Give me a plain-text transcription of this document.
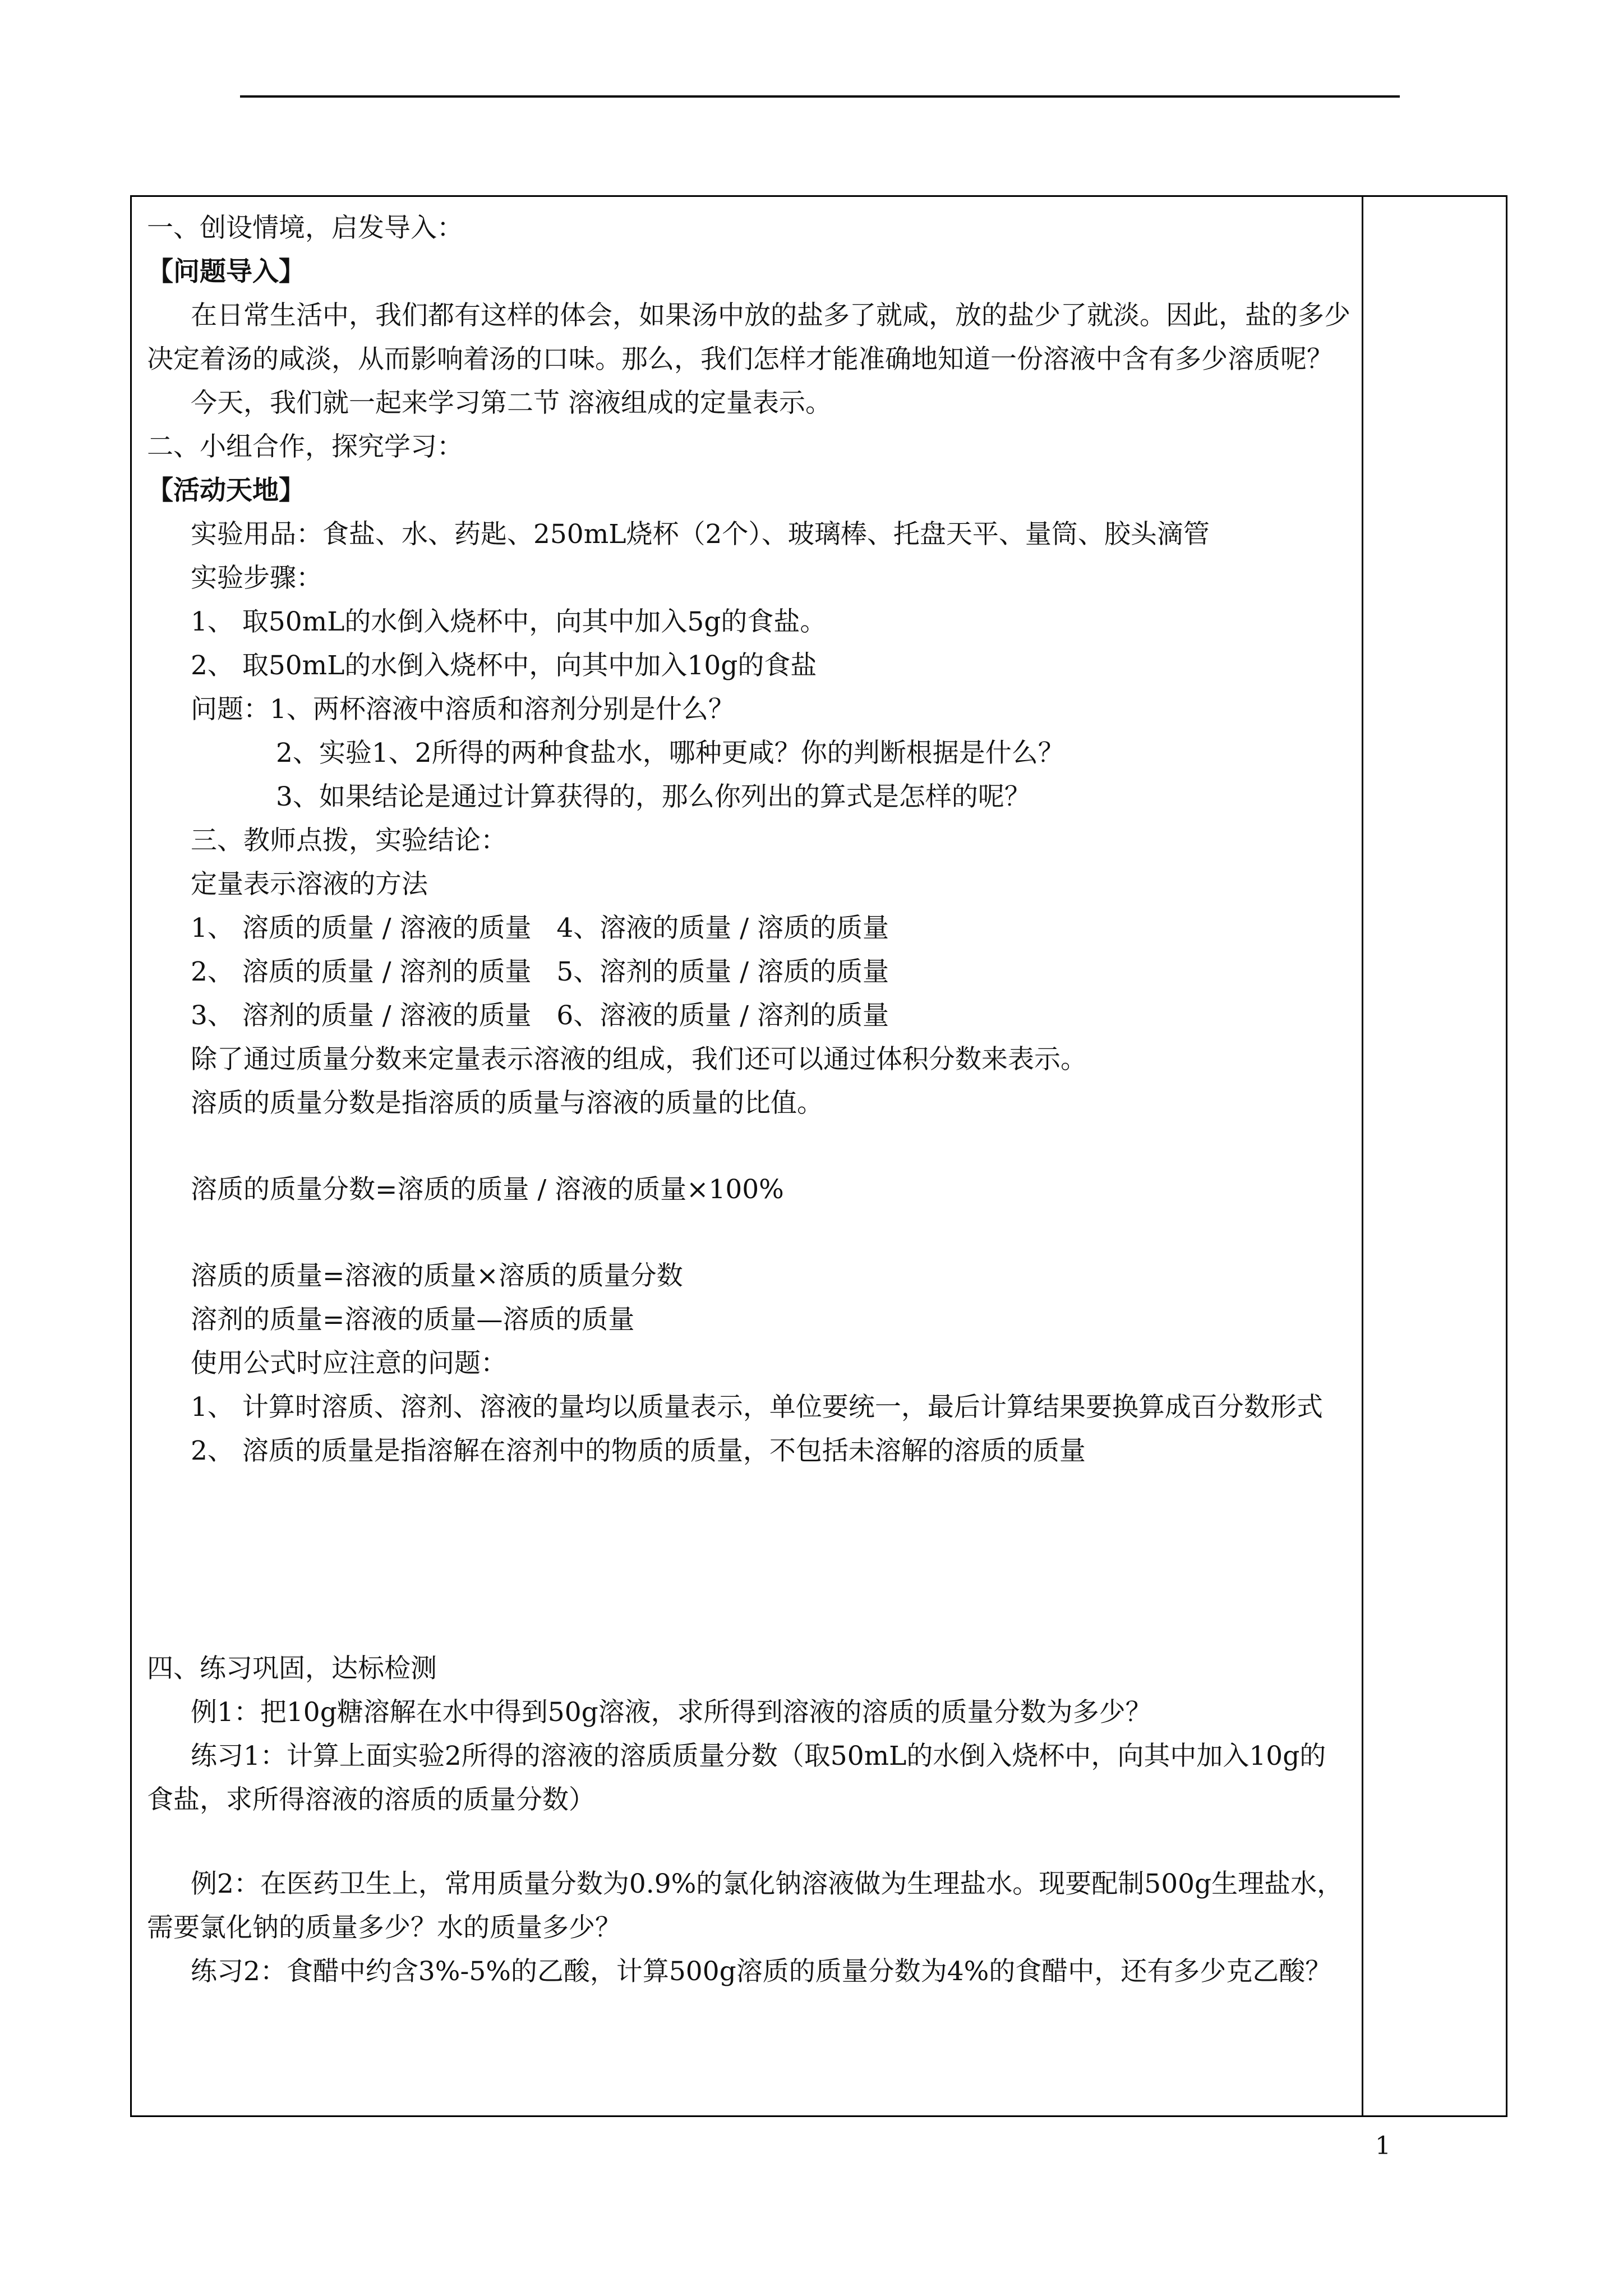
一、创设情境，启发导入：
【问题导入】
在日常生活中，我们都有这样的体会，如果汤中放的盐多了就咸，放的盐少了就淡。因此，盐的多少决定着汤的咸淡，从而影响着汤的口味。那么，我们怎样才能准确地知道一份溶液中含有多少溶质呢？
今天，我们就一起来学习第二节 溶液组成的定量表示。
二、小组合作，探究学习：
【活动天地】
实验用品：食盐、水、药匙、250mL烧杯（2个）、玻璃棒、托盘天平、量筒、胶头滴管
实验步骤：
1、 取50mL的水倒入烧杯中，向其中加入5g的食盐。
2、 取50mL的水倒入烧杯中，向其中加入10g的食盐
问题：1、两杯溶液中溶质和溶剂分别是什么？
2、实验1、2所得的两种食盐水，哪种更咸？你的判断根据是什么？
3、如果结论是通过计算获得的，那么你列出的算式是怎样的呢？
三、教师点拨，实验结论：
定量表示溶液的方法
1、 溶质的质量 / 溶液的质量   4、溶液的质量 / 溶质的质量
2、 溶质的质量 / 溶剂的质量   5、溶剂的质量 / 溶质的质量
3、 溶剂的质量 / 溶液的质量   6、溶液的质量 / 溶剂的质量
除了通过质量分数来定量表示溶液的组成，我们还可以通过体积分数来表示。
溶质的质量分数是指溶质的质量与溶液的质量的比值。
溶质的质量分数=溶质的质量 / 溶液的质量×100%
溶质的质量=溶液的质量×溶质的质量分数
溶剂的质量=溶液的质量—溶质的质量
使用公式时应注意的问题：
1、 计算时溶质、溶剂、溶液的量均以质量表示，单位要统一，最后计算结果要换算成百分数形式
2、 溶质的质量是指溶解在溶剂中的物质的质量，不包括未溶解的溶质的质量
四、练习巩固，达标检测
例1：把10g糖溶解在水中得到50g溶液，求所得到溶液的溶质的质量分数为多少？
练习1：计算上面实验2所得的溶液的溶质质量分数（取50mL的水倒入烧杯中，向其中加入10g的食盐，求所得溶液的溶质的质量分数）
例2：在医药卫生上，常用质量分数为0.9%的氯化钠溶液做为生理盐水。现要配制500g生理盐水，需要氯化钠的质量多少？水的质量多少？
练习2：食醋中约含3%-5%的乙酸，计算500g溶质的质量分数为4%的食醋中，还有多少克乙酸？
1
